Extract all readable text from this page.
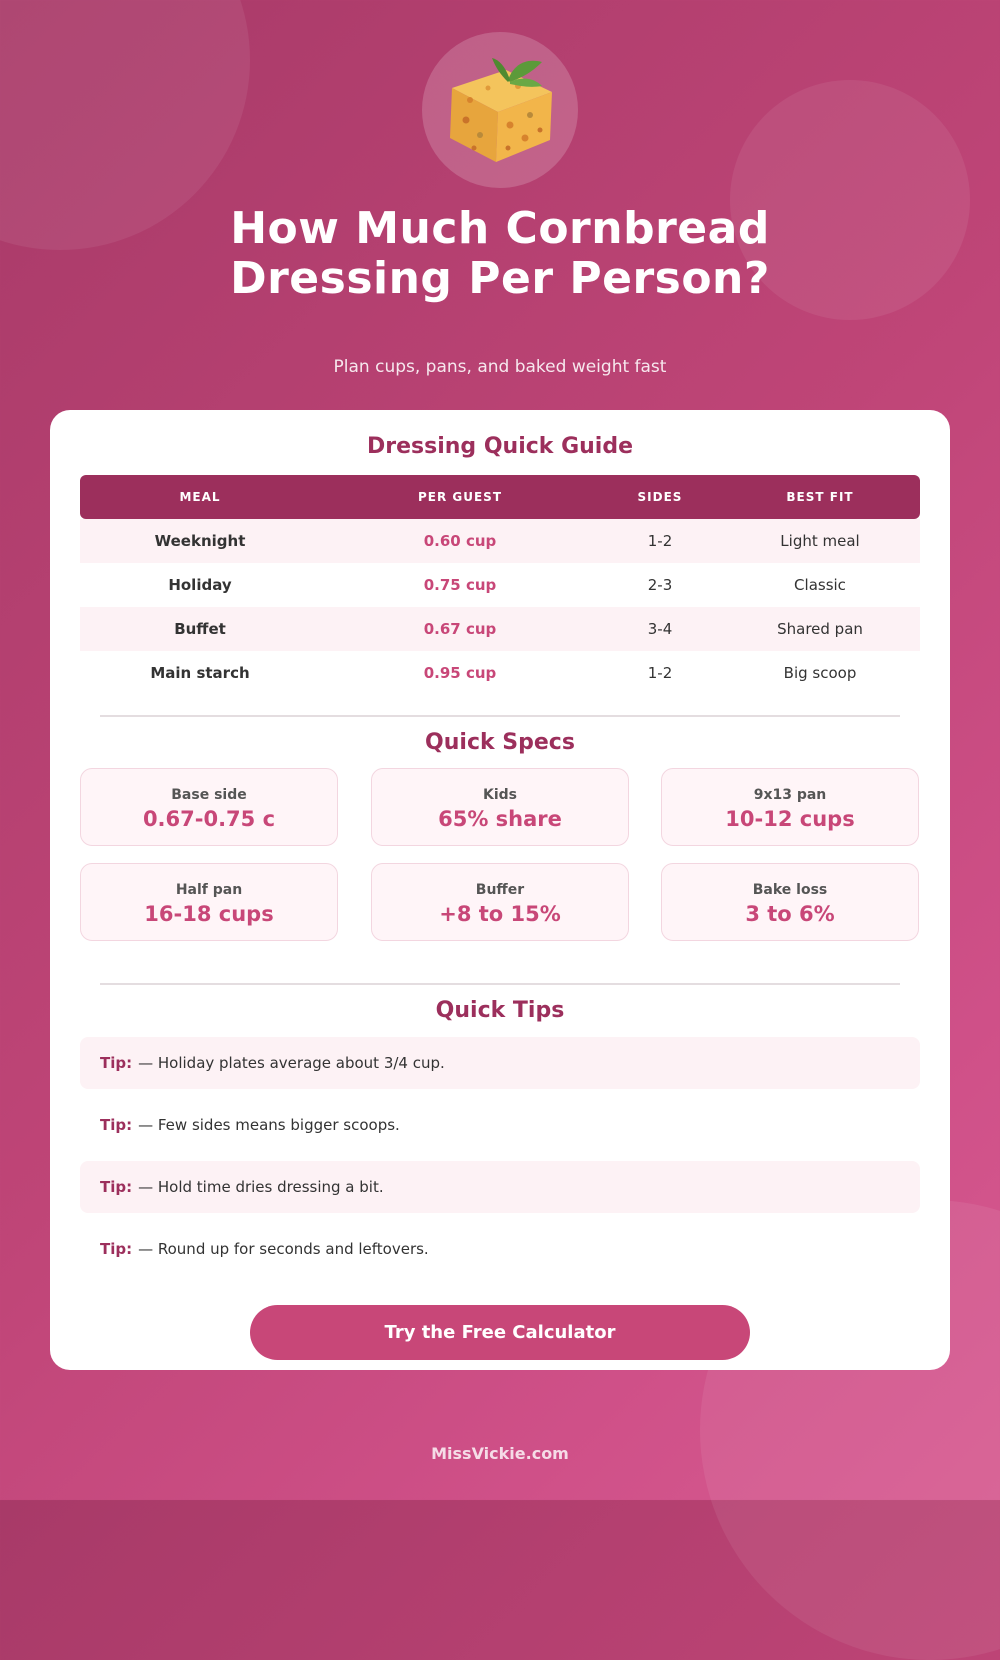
How Much Cornbread
Dressing Per Person?
Plan cups, pans, and baked weight fast
Dressing Quick Guide
MEAL	PER GUEST	SIDES	BEST FIT
Weeknight	0.60 cup	1-2	Light meal
Holiday	0.75 cup	2-3	Classic
Buffet	0.67 cup	3-4	Shared pan
Main starch	0.95 cup	1-2	Big scoop
Quick Specs
Base side
0.67-0.75 c
Kids
65% share
9x13 pan
10-12 cups
Half pan
16-18 cups
Buffer
+8 to 15%
Bake loss
3 to 6%
Quick Tips
Tip: — Holiday plates average about 3/4 cup.
Tip: — Few sides means bigger scoops.
Tip: — Hold time dries dressing a bit.
Tip: — Round up for seconds and leftovers.
Try the Free Calculator
MissVickie.com
